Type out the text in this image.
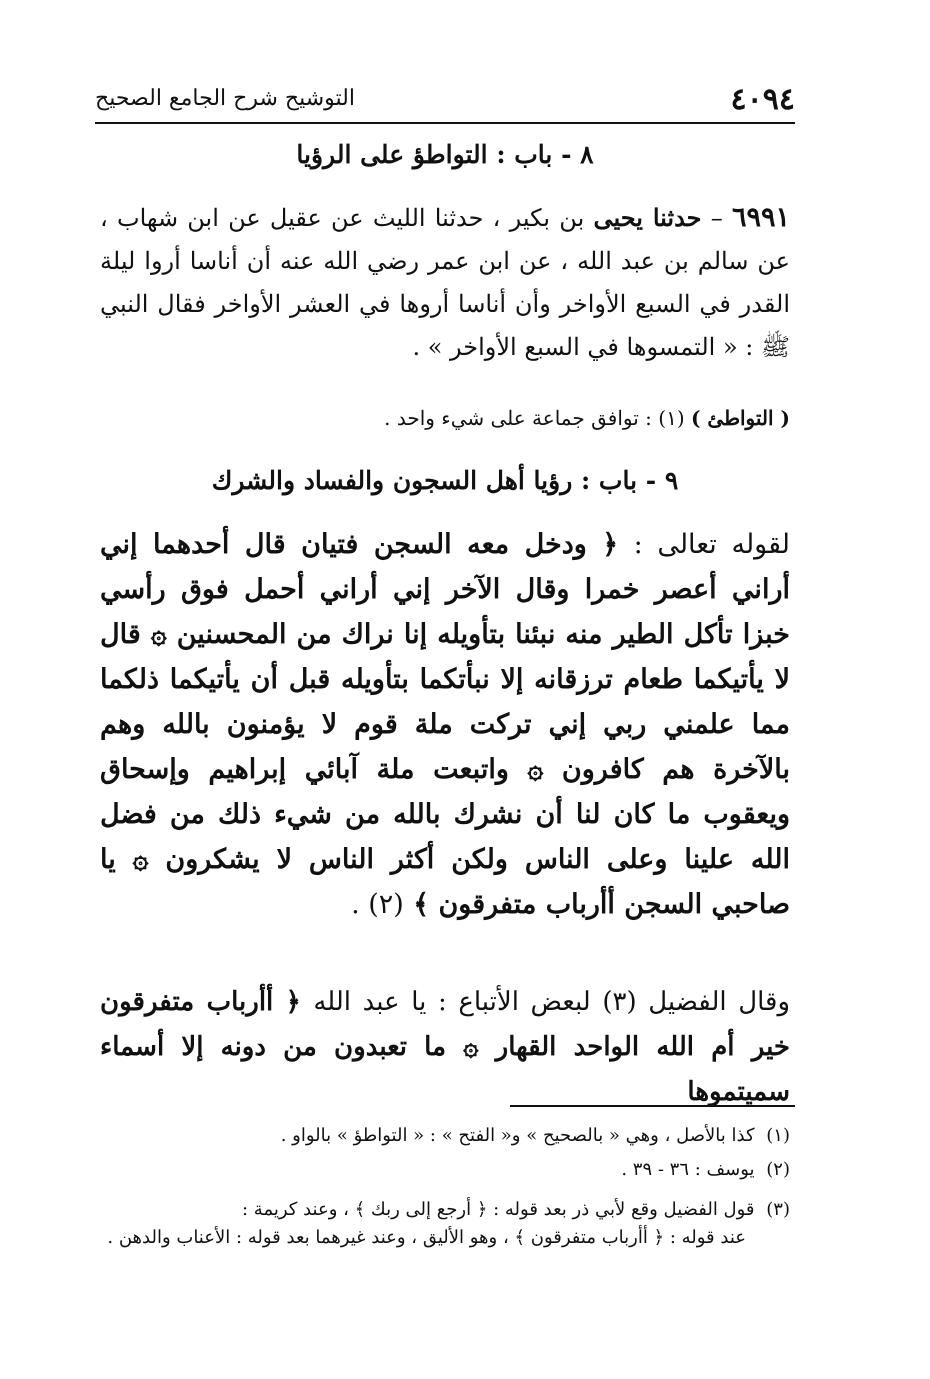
٤٠٩٤
التوشيح شرح الجامع الصحيح
٨ - باب : التواطؤ على الرؤيا
٦٩٩١ – حدثنا يحيى بن بكير ، حدثنا الليث عن عقيل عن ابن شهاب ، عن سالم بن عبد الله ، عن ابن عمر رضي الله عنه أن أناسا أروا ليلة القدر في السبع الأواخر وأن أناسا أروها في العشر الأواخر فقال النبي ﷺ : « التمسوها في السبع الأواخر » .
( التواطئ ) (١) : توافق جماعة على شيء واحد .
٩ - باب : رؤيا أهل السجون والفساد والشرك
لقوله تعالى : ﴿ ودخل معه السجن فتيان قال أحدهما إني أراني أعصر خمرا وقال الآخر إني أراني أحمل فوق رأسي خبزا تأكل الطير منه نبئنا بتأويله إنا نراك من المحسنين ۞ قال لا يأتيكما طعام ترزقانه إلا نبأتكما بتأويله قبل أن يأتيكما ذلكما مما علمني ربي إني تركت ملة قوم لا يؤمنون بالله وهم بالآخرة هم كافرون ۞ واتبعت ملة آبائي إبراهيم وإسحاق ويعقوب ما كان لنا أن نشرك بالله من شيء ذلك من فضل الله علينا وعلى الناس ولكن أكثر الناس لا يشكرون ۞ يا صاحبي السجن أأرباب متفرقون ﴾ (٢) .
وقال الفضيل (٣) لبعض الأتباع : يا عبد الله ﴿ أأرباب متفرقون خير أم الله الواحد القهار ۞ ما تعبدون من دونه إلا أسماء سميتموها
(١) كذا بالأصل ، وهي « بالصحيح » و« الفتح » : « التواطؤ » بالواو .
(٢) يوسف : ٣٦ - ٣٩ .
(٣) قول الفضيل وقع لأبي ذر بعد قوله : ﴿ أرجع إلى ربك ﴾ ، وعند كريمة :
عند قوله : ﴿ أأرباب متفرقون ﴾ ، وهو الأليق ، وعند غيرهما بعد قوله : الأعناب والدهن .
